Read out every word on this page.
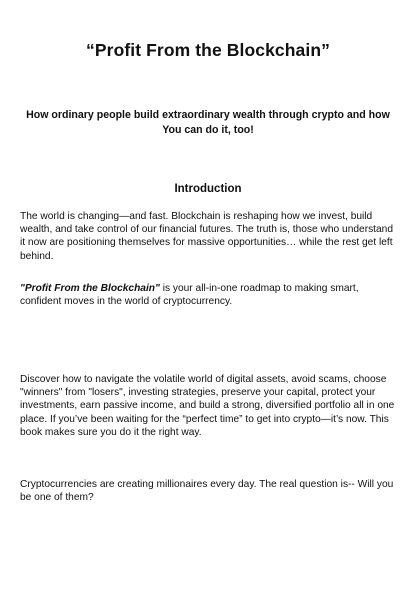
“Profit From the Blockchain”
How ordinary people build extraordinary wealth through crypto and how
You can do it, too!
Introduction

The world is changing—and fast. Blockchain is reshaping how we invest, build wealth, and take control of our financial futures. The truth is, those who understand it now are positioning themselves for massive opportunities… while the rest get left behind.

"Profit From the Blockchain" is your all-in-one roadmap to making smart, confident moves in the world of cryptocurrency.

Discover how to navigate the volatile world of digital assets, avoid scams, choose "winners" from "losers", investing strategies, preserve your capital, protect your investments, earn passive income, and build a strong, diversified portfolio all in one place. If you’ve been waiting for the “perfect time” to get into crypto—it’s now. This book makes sure you do it the right way.

Cryptocurrencies are creating millionaires every day. The real question is-- Will you be one of them?
